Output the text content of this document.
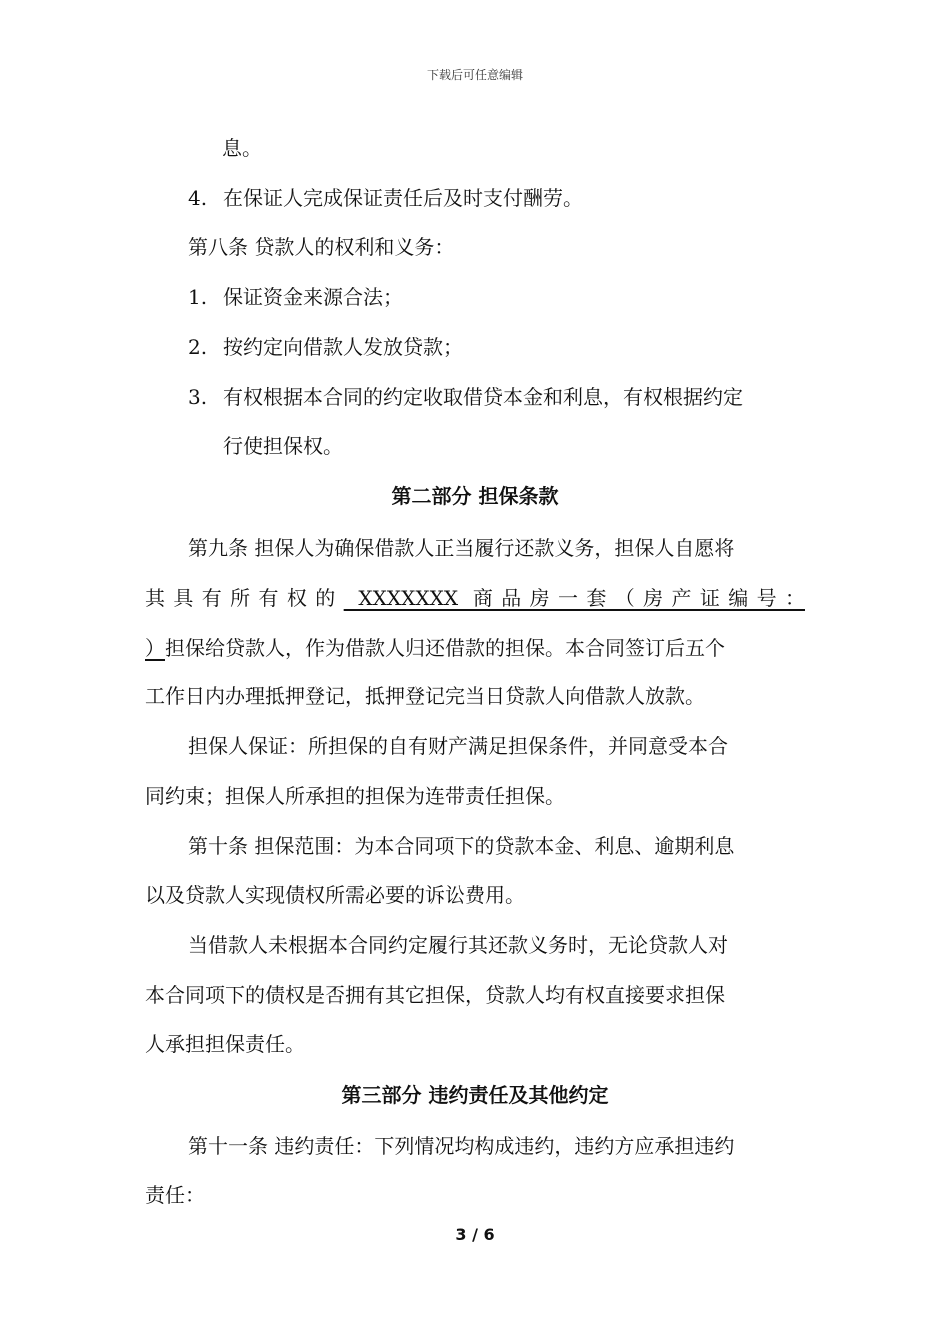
下载后可任意编辑
息。
4. 在保证人完成保证责任后及时支付酬劳。
第八条 贷款人的权利和义务：
1. 保证资金来源合法；
2. 按约定向借款人发放贷款；
3. 有权根据本合同的约定收取借贷本金和利息，有权根据约定
行使担保权。
第二部分 担保条款
第九条 担保人为确保借款人正当履行还款义务，担保人自愿将
其具有所有权的 XXXXXXX 商品房一套（房产证编号：
）担保给贷款人，作为借款人归还借款的担保。本合同签订后五个
工作日内办理抵押登记，抵押登记完当日贷款人向借款人放款。
担保人保证：所担保的自有财产满足担保条件，并同意受本合
同约束；担保人所承担的担保为连带责任担保。
第十条 担保范围：为本合同项下的贷款本金、利息、逾期利息
以及贷款人实现债权所需必要的诉讼费用。
当借款人未根据本合同约定履行其还款义务时，无论贷款人对
本合同项下的债权是否拥有其它担保，贷款人均有权直接要求担保
人承担担保责任。
第三部分 违约责任及其他约定
第十一条 违约责任：下列情况均构成违约，违约方应承担违约
责任：
3 / 6
